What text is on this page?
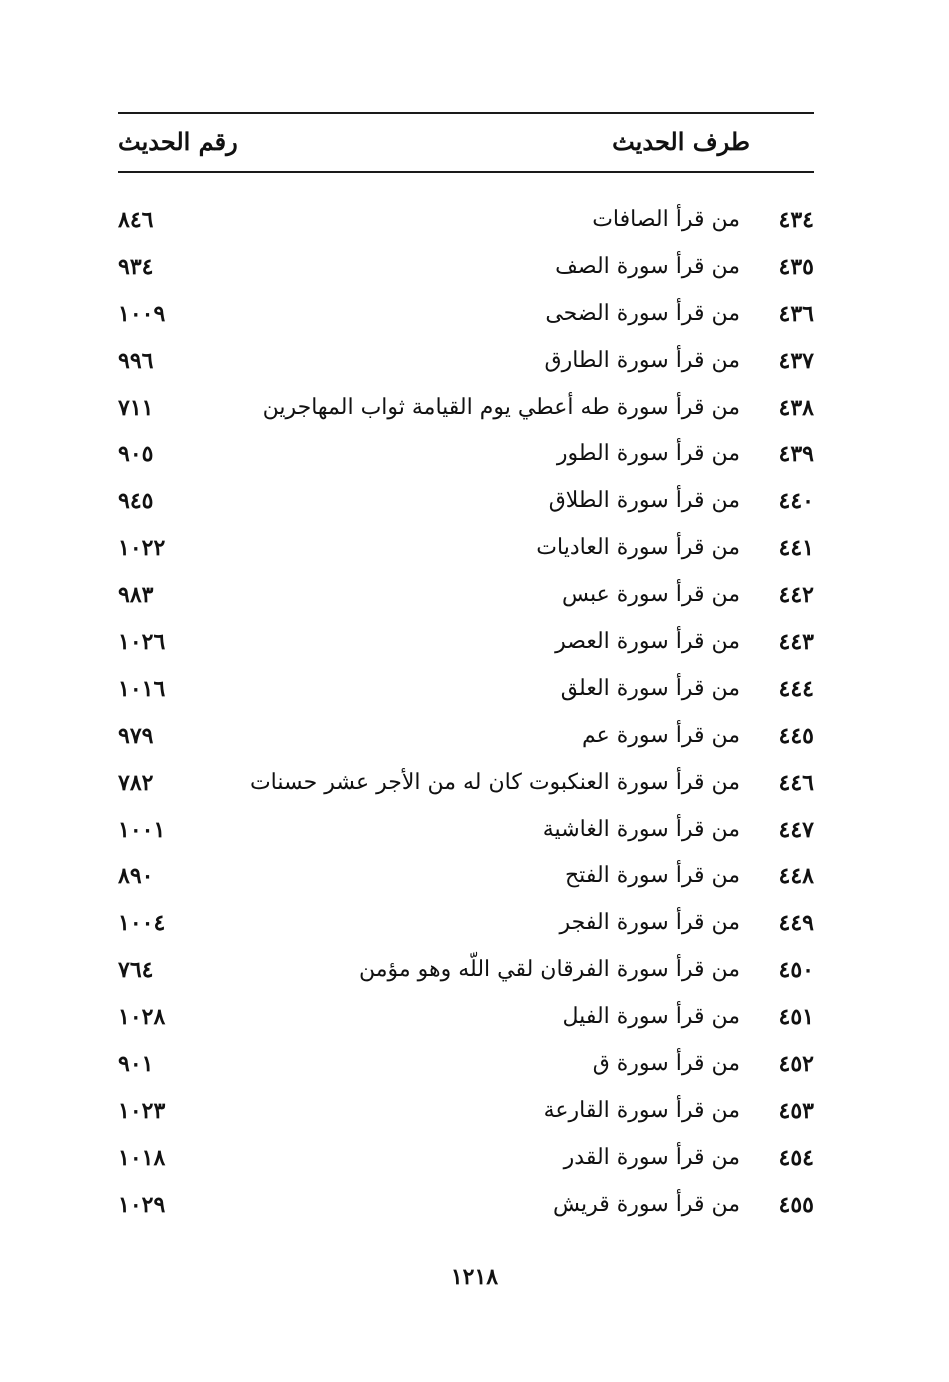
طرف الحديث
رقم الحديث
٤٣٤
من قرأ الصافات
٨٤٦
٤٣٥
من قرأ سورة الصف
٩٣٤
٤٣٦
من قرأ سورة الضحى
١٠٠٩
٤٣٧
من قرأ سورة الطارق
٩٩٦
٤٣٨
من قرأ سورة طه أعطي يوم القيامة ثواب المهاجرين
٧١١
٤٣٩
من قرأ سورة الطور
٩٠٥
٤٤٠
من قرأ سورة الطلاق
٩٤٥
٤٤١
من قرأ سورة العاديات
١٠٢٢
٤٤٢
من قرأ سورة عبس
٩٨٣
٤٤٣
من قرأ سورة العصر
١٠٢٦
٤٤٤
من قرأ سورة العلق
١٠١٦
٤٤٥
من قرأ سورة عم
٩٧٩
٤٤٦
من قرأ سورة العنكبوت كان له من الأجر عشر حسنات
٧٨٢
٤٤٧
من قرأ سورة الغاشية
١٠٠١
٤٤٨
من قرأ سورة الفتح
٨٩٠
٤٤٩
من قرأ سورة الفجر
١٠٠٤
٤٥٠
من قرأ سورة الفرقان لقي اللّه وهو مؤمن
٧٦٤
٤٥١
من قرأ سورة الفيل
١٠٢٨
٤٥٢
من قرأ سورة ق
٩٠١
٤٥٣
من قرأ سورة القارعة
١٠٢٣
٤٥٤
من قرأ سورة القدر
١٠١٨
٤٥٥
من قرأ سورة قريش
١٠٢٩
١٢١٨
